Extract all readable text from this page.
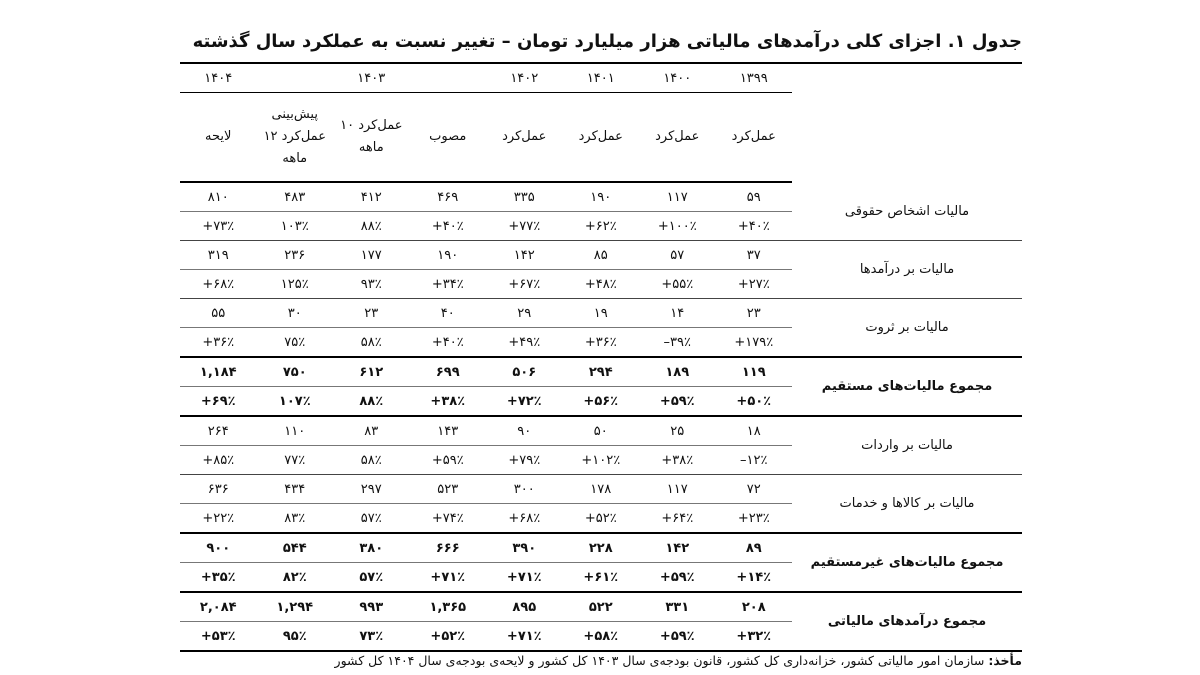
جدول ۱. اجزای کلی درآمدهای مالیاتی هزار میلیارد تومان – تغییر نسبت به عملکرد سال گذشته
	۱۳۹۹	۱۴۰۰	۱۴۰۱	۱۴۰۲	۱۴۰۳			۱۴۰۴
	عمل‌کرد	عمل‌کرد	عمل‌کرد	عمل‌کرد	مصوب	عمل‌کرد ۱۰ ماهه	پیش‌بینی عمل‌کرد ۱۲ ماهه	لایحه
مالیات اشخاص حقوقی	۵۹	۱۱۷	۱۹۰	۳۳۵	۴۶۹	۴۱۲	۴۸۳	۸۱۰
	+۴۰٪	+۱۰۰٪	+۶۲٪	+۷۷٪	+۴۰٪	۸۸٪	۱۰۳٪	+۷۳٪
مالیات بر درآمدها	۳۷	۵۷	۸۵	۱۴۲	۱۹۰	۱۷۷	۲۳۶	۳۱۹
	+۲۷٪	+۵۵٪	+۴۸٪	+۶۷٪	+۳۴٪	۹۳٪	۱۲۵٪	+۶۸٪
مالیات بر ثروت	۲۳	۱۴	۱۹	۲۹	۴۰	۲۳	۳۰	۵۵
	+۱۷۹٪	–۳۹٪	+۳۶٪	+۴۹٪	+۴۰٪	۵۸٪	۷۵٪	+۳۶٪
مجموع مالیات‌های مستقیم	۱۱۹	۱۸۹	۲۹۴	۵۰۶	۶۹۹	۶۱۲	۷۵۰	۱,۱۸۴
	+۵۰٪	+۵۹٪	+۵۶٪	+۷۲٪	+۳۸٪	۸۸٪	۱۰۷٪	+۶۹٪
مالیات بر واردات	۱۸	۲۵	۵۰	۹۰	۱۴۳	۸۳	۱۱۰	۲۶۴
	–۱۲٪	+۳۸٪	+۱۰۲٪	+۷۹٪	+۵۹٪	۵۸٪	۷۷٪	+۸۵٪
مالیات بر کالاها و خدمات	۷۲	۱۱۷	۱۷۸	۳۰۰	۵۲۳	۲۹۷	۴۳۴	۶۳۶
	+۲۳٪	+۶۴٪	+۵۲٪	+۶۸٪	+۷۴٪	۵۷٪	۸۳٪	+۲۲٪
مجموع مالیات‌های غیرمستقیم	۸۹	۱۴۲	۲۲۸	۳۹۰	۶۶۶	۳۸۰	۵۴۴	۹۰۰
	+۱۴٪	+۵۹٪	+۶۱٪	+۷۱٪	+۷۱٪	۵۷٪	۸۲٪	+۳۵٪
مجموع درآمدهای مالیاتی	۲۰۸	۳۳۱	۵۲۲	۸۹۵	۱,۳۶۵	۹۹۳	۱,۲۹۴	۲,۰۸۴
	+۳۲٪	+۵۹٪	+۵۸٪	+۷۱٪	+۵۲٪	۷۳٪	۹۵٪	+۵۳٪
مأخذ: سازمان امور مالیاتی کشور، خزانه‌داری کل کشور، قانون بودجه‌ی سال ۱۴۰۳ کل کشور و لایحه‌ی بودجه‌ی سال ۱۴۰۴ کل کشور
